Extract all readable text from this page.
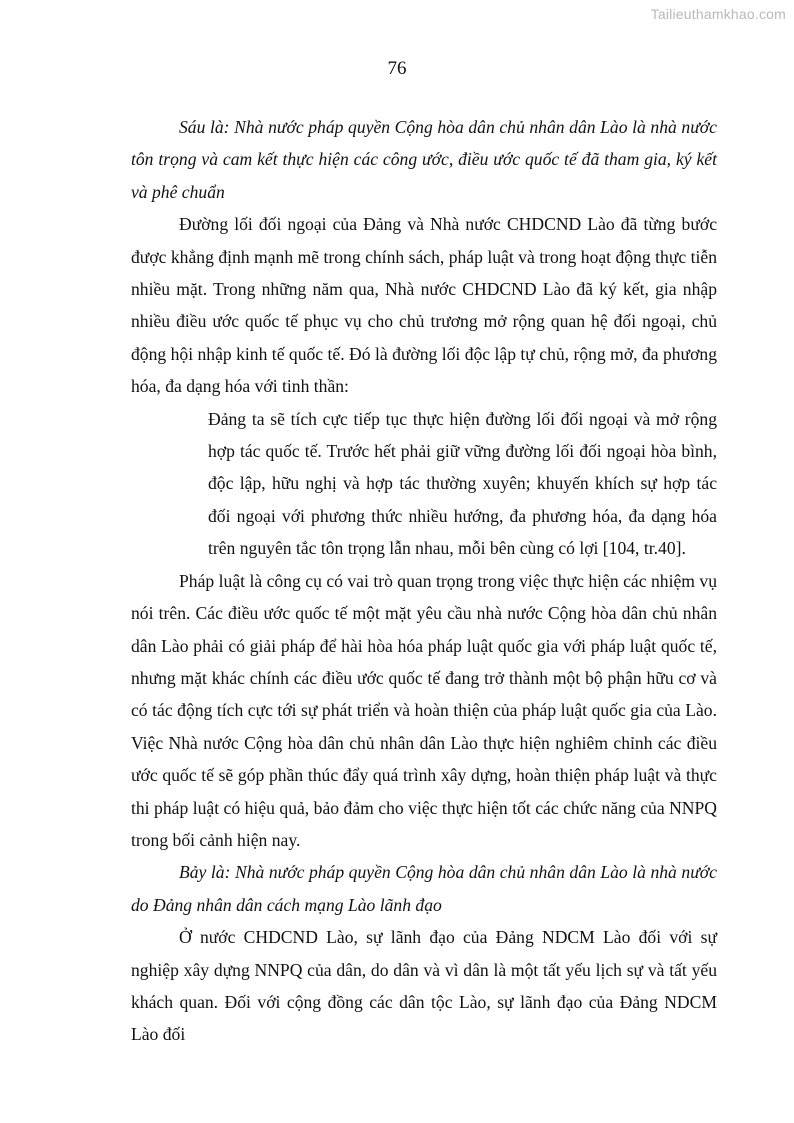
Tailieuthamkhao.com
76

Sáu là: Nhà nước pháp quyền Cộng hòa dân chủ nhân dân Lào là nhà nước tôn trọng và cam kết thực hiện các công ước, điều ước quốc tế đã tham gia, ký kết và phê chuẩn

Đường lối đối ngoại của Đảng và Nhà nước CHDCND Lào đã từng bước được khẳng định mạnh mẽ trong chính sách, pháp luật và trong hoạt động thực tiễn nhiều mặt. Trong những năm qua, Nhà nước CHDCND Lào đã ký kết, gia nhập nhiều điều ước quốc tế phục vụ cho chủ trương mở rộng quan hệ đối ngoại, chủ động hội nhập kinh tế quốc tế. Đó là đường lối độc lập tự chủ, rộng mở, đa phương hóa, đa dạng hóa với tinh thần:

Đảng ta sẽ tích cực tiếp tục thực hiện đường lối đối ngoại và mở rộng hợp tác quốc tế. Trước hết phải giữ vững đường lối đối ngoại hòa bình, độc lập, hữu nghị và hợp tác thường xuyên; khuyến khích sự hợp tác đối ngoại với phương thức nhiều hướng, đa phương hóa, đa dạng hóa trên nguyên tắc tôn trọng lẫn nhau, mỗi bên cùng có lợi [104, tr.40].

Pháp luật là công cụ có vai trò quan trọng trong việc thực hiện các nhiệm vụ nói trên. Các điều ước quốc tế một mặt yêu cầu nhà nước Cộng hòa dân chủ nhân dân Lào phải có giải pháp để hài hòa hóa pháp luật quốc gia với pháp luật quốc tế, nhưng mặt khác chính các điều ước quốc tế đang trở thành một bộ phận hữu cơ và có tác động tích cực tới sự phát triển và hoàn thiện của pháp luật quốc gia của Lào. Việc Nhà nước Cộng hòa dân chủ nhân dân Lào thực hiện nghiêm chỉnh các điều ước quốc tế sẽ góp phần thúc đẩy quá trình xây dựng, hoàn thiện pháp luật và thực thi pháp luật có hiệu quả, bảo đảm cho việc thực hiện tốt các chức năng của NNPQ trong bối cảnh hiện nay.

Bảy là: Nhà nước pháp quyền Cộng hòa dân chủ nhân dân Lào là nhà nước do Đảng nhân dân cách mạng Lào lãnh đạo

Ở nước CHDCND Lào, sự lãnh đạo của Đảng NDCM Lào đối với sự nghiệp xây dựng NNPQ của dân, do dân và vì dân là một tất yếu lịch sự và tất yếu khách quan. Đối với cộng đồng các dân tộc Lào, sự lãnh đạo của Đảng NDCM Lào đối
